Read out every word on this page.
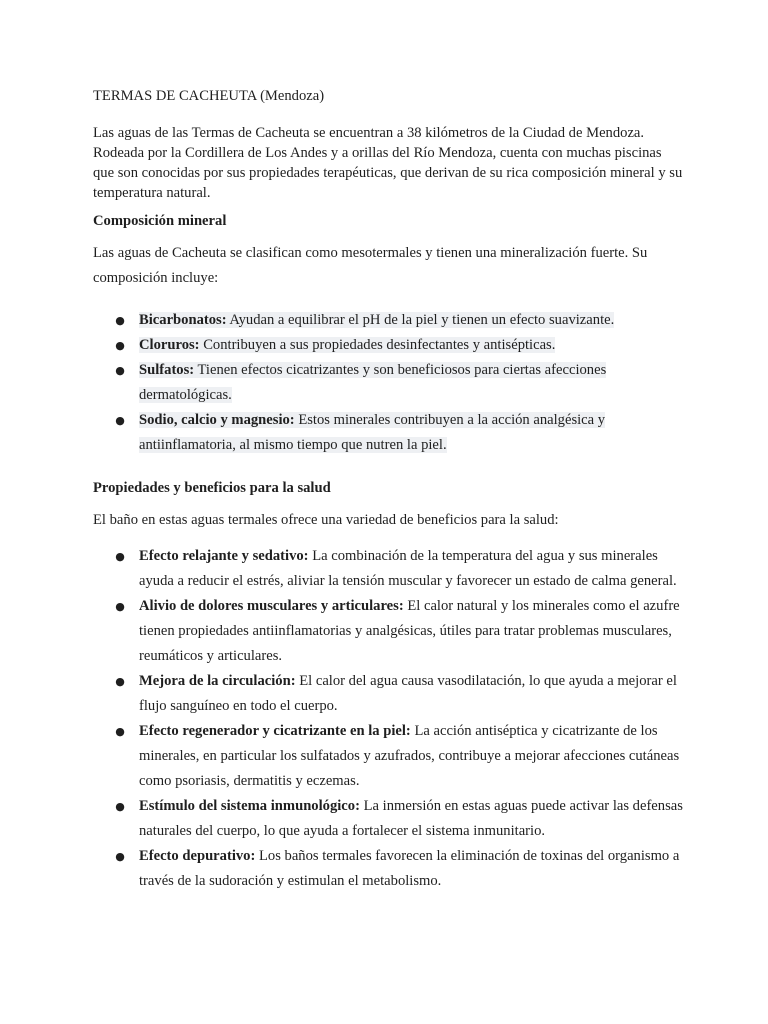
TERMAS DE CACHEUTA (Mendoza)

Las aguas de las Termas de Cacheuta se encuentran a 38 kilómetros de la Ciudad de Mendoza. Rodeada por la Cordillera de Los Andes y a orillas del Río Mendoza, cuenta con muchas piscinas que son conocidas por sus propiedades terapéuticas, que derivan de su rica composición mineral y su temperatura natural.

Composición mineral

Las aguas de Cacheuta se clasifican como mesotermales y tienen una mineralización fuerte. Su composición incluye:

● Bicarbonatos: Ayudan a equilibrar el pH de la piel y tienen un efecto suavizante.
● Cloruros: Contribuyen a sus propiedades desinfectantes y antisépticas.
● Sulfatos: Tienen efectos cicatrizantes y son beneficiosos para ciertas afecciones dermatológicas.
● Sodio, calcio y magnesio: Estos minerales contribuyen a la acción analgésica y antiinflamatoria, al mismo tiempo que nutren la piel.
Propiedades y beneficios para la salud

El baño en estas aguas termales ofrece una variedad de beneficios para la salud:

● Efecto relajante y sedativo: La combinación de la temperatura del agua y sus minerales ayuda a reducir el estrés, aliviar la tensión muscular y favorecer un estado de calma general.
● Alivio de dolores musculares y articulares: El calor natural y los minerales como el azufre tienen propiedades antiinflamatorias y analgésicas, útiles para tratar problemas musculares, reumáticos y articulares.
● Mejora de la circulación: El calor del agua causa vasodilatación, lo que ayuda a mejorar el flujo sanguíneo en todo el cuerpo.
● Efecto regenerador y cicatrizante en la piel: La acción antiséptica y cicatrizante de los minerales, en particular los sulfatados y azufrados, contribuye a mejorar afecciones cutáneas como psoriasis, dermatitis y eczemas.
● Estímulo del sistema inmunológico: La inmersión en estas aguas puede activar las defensas naturales del cuerpo, lo que ayuda a fortalecer el sistema inmunitario.
● Efecto depurativo: Los baños termales favorecen la eliminación de toxinas del organismo a través de la sudoración y estimulan el metabolismo.
